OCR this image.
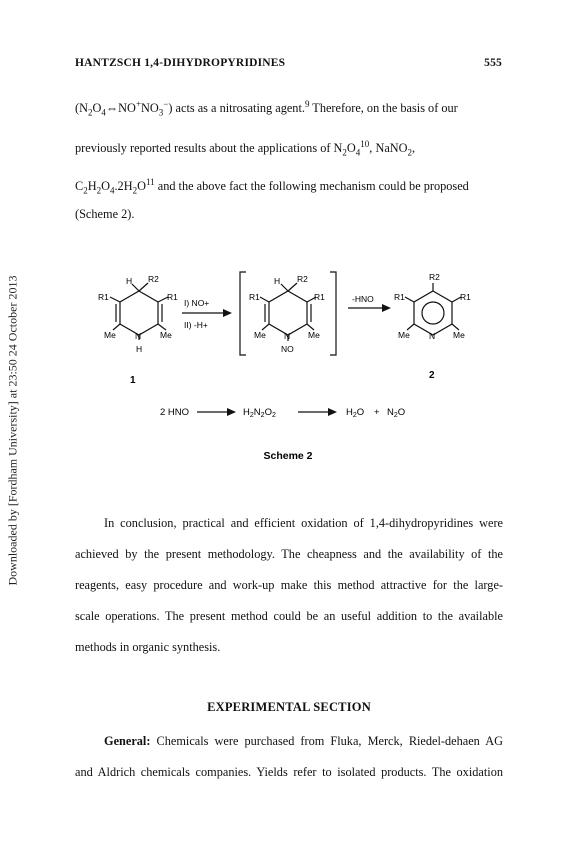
Downloaded by [Fordham University] at 23:50 24 October 2013
HANTZSCH 1,4-DIHYDROPYRIDINES	555
$(N_2O_4\Leftrightarrow NO^+NO_3^-)$ acts as a nitrosating agent.$^9$ Therefore, on the basis of our
previously reported results about the applications of $N_2O_4^{10}$, NaNO$_2$,
$C_2H_2O_4.2H_2O^{11}$ and the above fact the following mechanism could be proposed
(Scheme 2).
H R2
R1
R1
Me
Me N
H
1
I) NO+
II) -H+
H R2
R1
R1
Me
Me N
NO
-HNO
R2
R1
R1
Me
Me N
2
2 HNO	$H_2N_2O_2$	$H_2O + N_2O$
Scheme 2
In conclusion, practical and efficient oxidation of 1,4-dihydropyridines were
achieved by the present methodology. The cheapness and the availability of the
reagents, easy procedure and work-up make this method attractive for the large-
scale operations. The present method could be an useful addition to the available
methods in organic synthesis.
EXPERIMENTAL SECTION
General: Chemicals were purchased from Fluka, Merck, Riedel-dehaen AG
and Aldrich chemicals companies. Yields refer to isolated products. The oxidation
